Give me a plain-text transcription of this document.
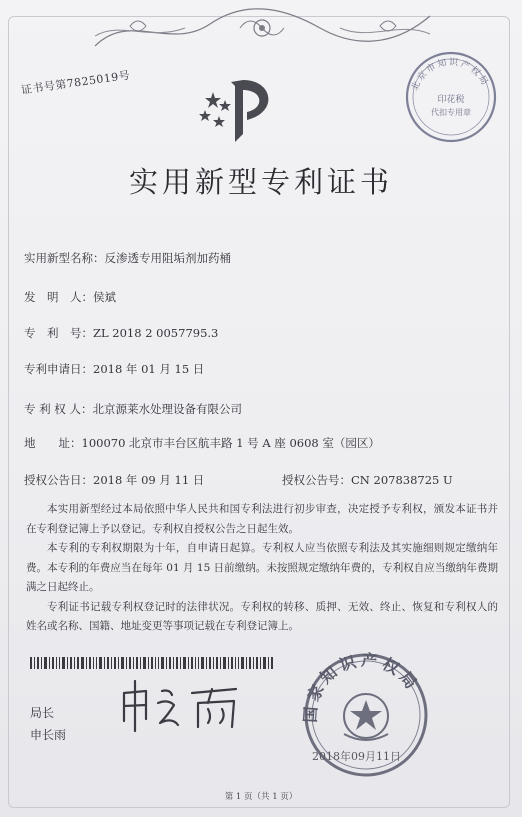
证书号第7825019号	北京市知识产权局
印花税
代扣专用章
实用新型专利证书
实用新型名称：反渗透专用阻垢剂加药桶
发　明　人：侯斌
专　利　号：ZL 2018 2 0057795.3
专利申请日：2018 年 01 月 15 日
专 利 权 人：北京源莱水处理设备有限公司
地　　址：100070 北京市丰台区航丰路 1 号 A 座 0608 室（园区）
授权公告日：2018 年 09 月 11 日	授权公告号：CN 207838725 U

本实用新型经过本局依照中华人民共和国专利法进行初步审查，决定授予专利权，颁发本证书并在专利登记簿上予以登记。专利权自授权公告之日起生效。

本专利的专利权期限为十年，自申请日起算。专利权人应当依照专利法及其实施细则规定缴纳年费。本专利的年费应当在每年 01 月 15 日前缴纳。未按照规定缴纳年费的，专利权自应当缴纳年费期满之日起终止。

专利证书记载专利权登记时的法律状况。专利权的转移、质押、无效、终止、恢复和专利权人的姓名或名称、国籍、地址变更等事项记载在专利登记簿上。

局长
申长雨
国家知识产权局
2018年09月11日
第 1 页（共 1 页）
